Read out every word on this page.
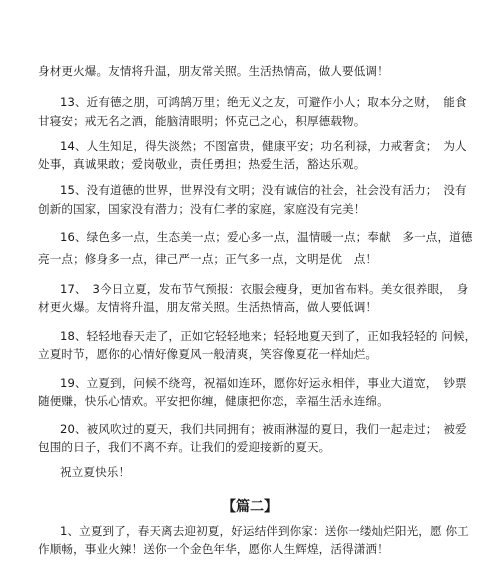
身材更火爆。友情将升温，朋友常关照。生活热情高，做人要低调！
13、近有德之朋，可鸿鹄万里；绝无义之友，可避作小人；取本分之财，　能食
甘寝安；戒无名之酒，能脑清眼明；怀克己之心，积厚德载物。
14、人生知足，得失淡然；不图富贵，健康平安；功名利禄，力戒奢贪；　为人
处事，真诚果敢；爱岗敬业，责任勇担；热爱生活，豁达乐观。
15、没有道德的世界，世界没有文明；没有诚信的社会，社会没有活力；　没有
创新的国家，国家没有潜力；没有仁孝的家庭，家庭没有完美！
16、绿色多一点，生态美一点；爱心多一点，温情暖一点；奉献　多一点，道德
亮一点；修身多一点，律己严一点；正气多一点，文明是优　点！
17、　3今日立夏，发布节气预报：衣服会瘦身，更加省布料。美女很养眼，　身
材更火爆。友情将升温，朋友常关照。生活热情高，做人要低调！
18、轻轻地春天走了，正如它轻轻地来；轻轻地夏天到了，正如我轻轻的 问候，
立夏时节，愿你的心情好像夏风一般清爽，笑容像夏花一样灿烂。
19、立夏到，问候不绕弯，祝福如连环，愿你好运永相伴，事业大道宽，　钞票
随便赚，快乐心情欢。平安把你缠，健康把你恋，幸福生活永连绵。
20、被风吹过的夏天，我们共同拥有；被雨淋湿的夏日，我们一起走过；　被爱
包围的日子，我们不离不弃。让我们的爱迎接新的夏天。
祝立夏快乐！
【篇二】
1、立夏到了，春天离去迎初夏，好运结伴到你家：送你一缕灿烂阳光，愿 你工
作顺畅，事业火辣！送你一个金色年华，愿你人生辉煌，活得潇洒！
